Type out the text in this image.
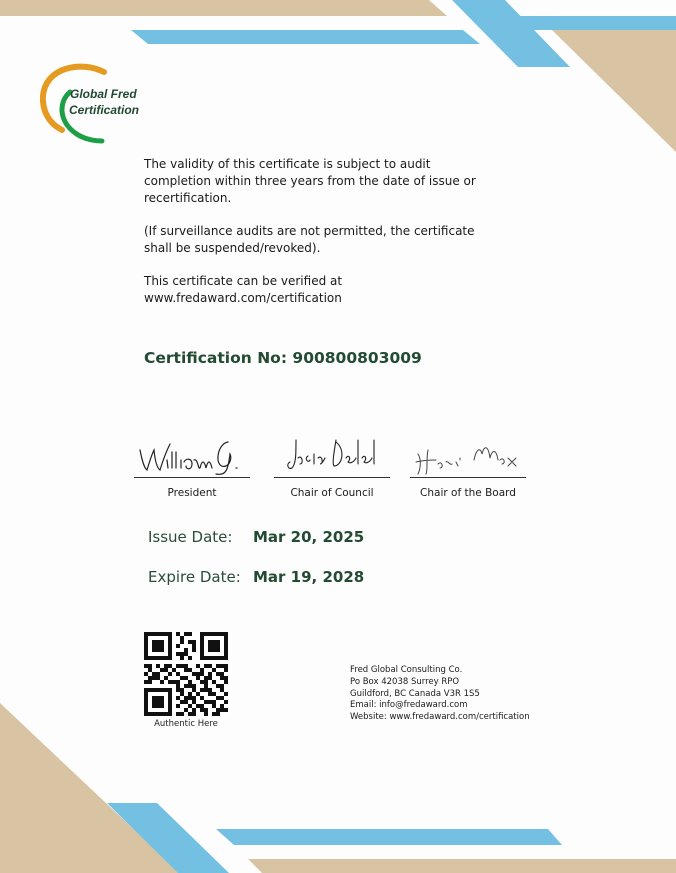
Global Fred
Certification

The validity of this certificate is subject to audit completion within three years from the date of issue or recertification.

(If surveillance audits are not permitted, the certificate shall be suspended/revoked).

This certificate can be verified at
www.fredaward.com/certification

Certification No: 900800803009
President	Chair of Council	Chair of the Board
Issue Date: Mar 20, 2025
Expire Date: Mar 19, 2028
Authentic Here
Fred Global Consulting Co.
Po Box 42038 Surrey RPO
Guildford, BC Canada V3R 1S5
Email: info@fredaward.com
Website: www.fredaward.com/certification
